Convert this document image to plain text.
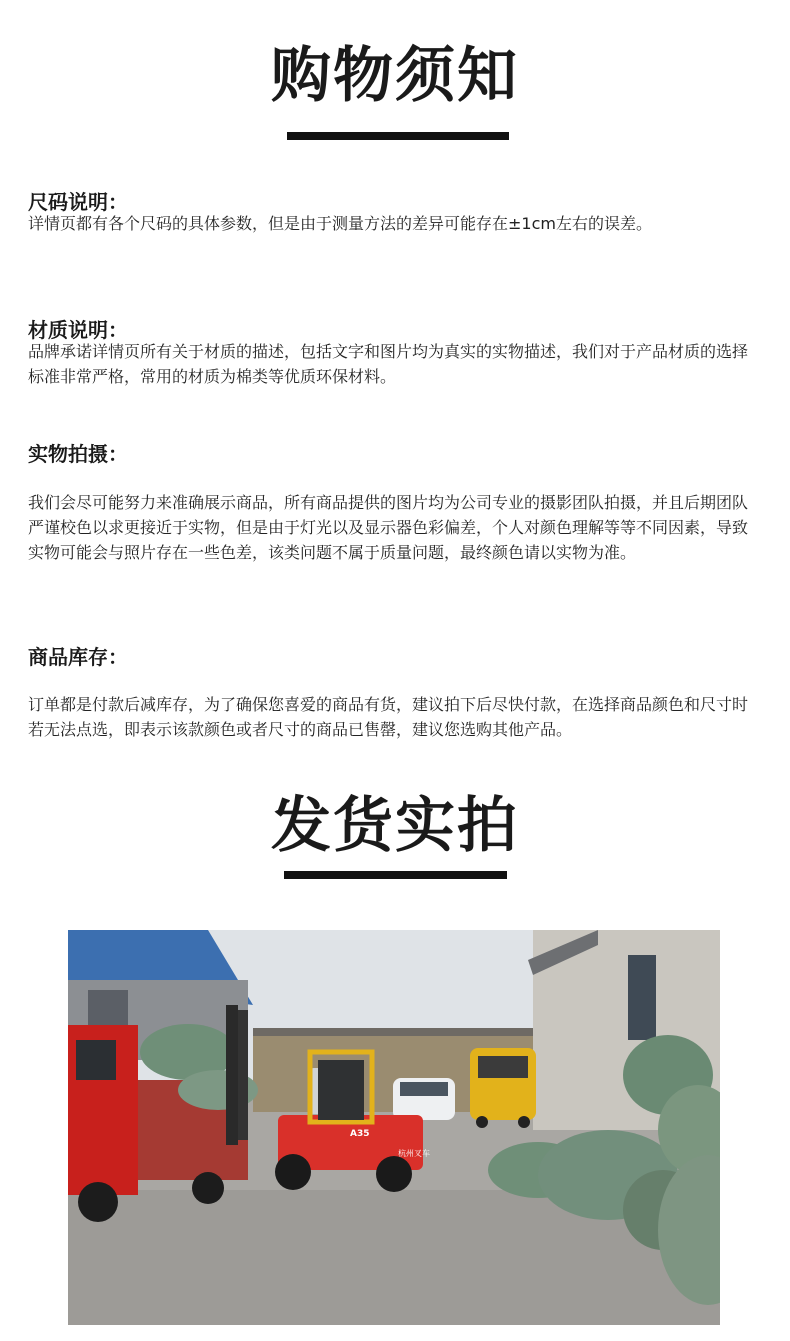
购物须知
尺码说明：
详情页都有各个尺码的具体参数，但是由于测量方法的差异可能存在±1cm左右的误差。
材质说明：
品牌承诺详情页所有关于材质的描述，包括文字和图片均为真实的实物描述，我们对于产品材质的选择标准非常严格，常用的材质为棉类等优质环保材料。
实物拍摄：
我们会尽可能努力来准确展示商品，所有商品提供的图片均为公司专业的摄影团队拍摄，并且后期团队严谨校色以求更接近于实物，但是由于灯光以及显示器色彩偏差，个人对颜色理解等等不同因素，导致实物可能会与照片存在一些色差，该类问题不属于质量问题，最终颜色请以实物为准。
商品库存：
订单都是付款后减库存，为了确保您喜爱的商品有货，建议拍下后尽快付款，在选择商品颜色和尺寸时若无法点选，即表示该款颜色或者尺寸的商品已售罄，建议您选购其他产品。
发货实拍
A35
杭州叉车
